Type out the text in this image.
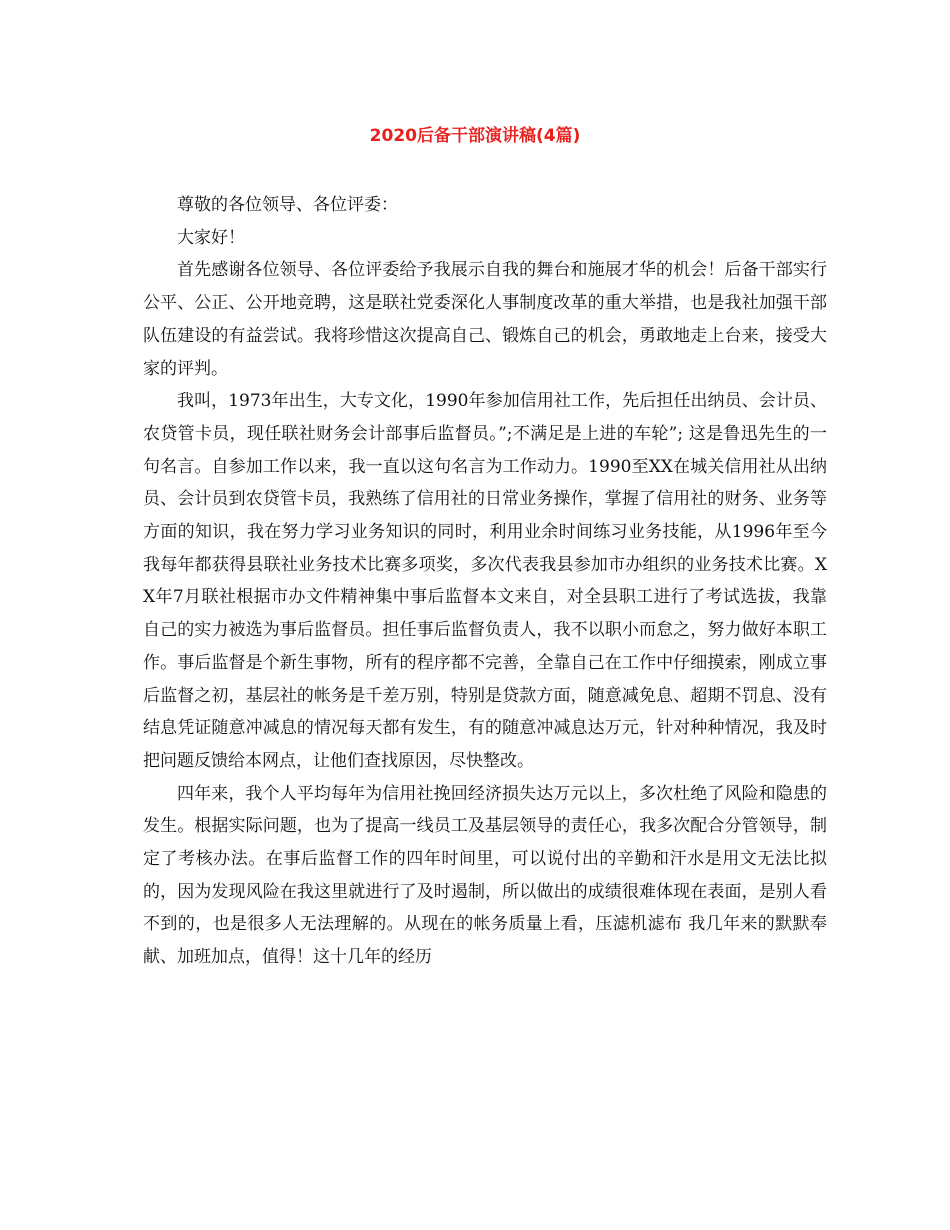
2020后备干部演讲稿(4篇)

尊敬的各位领导、各位评委：

大家好！

首先感谢各位领导、各位评委给予我展示自我的舞台和施展才华的机会！后备干部实行公平、公正、公开地竞聘，这是联社党委深化人事制度改革的重大举措，也是我社加强干部队伍建设的有益尝试。我将珍惜这次提高自己、锻炼自己的机会，勇敢地走上台来，接受大家的评判。

我叫，1973年出生，大专文化，1990年参加信用社工作，先后担任出纳员、会计员、农贷管卡员，现任联社财务会计部事后监督员。”;不满足是上进的车轮”; 这是鲁迅先生的一句名言。自参加工作以来，我一直以这句名言为工作动力。1990至XX在城关信用社从出纳员、会计员到农贷管卡员，我熟练了信用社的日常业务操作，掌握了信用社的财务、业务等方面的知识，我在努力学习业务知识的同时，利用业余时间练习业务技能，从1996年至今我每年都获得县联社业务技术比赛多项奖，多次代表我县参加市办组织的业务技术比赛。XX年7月联社根据市办文件精神集中事后监督本文来自，对全县职工进行了考试选拔，我靠自己的实力被选为事后监督员。担任事后监督负责人，我不以职小而怠之，努力做好本职工作。事后监督是个新生事物，所有的程序都不完善，全靠自己在工作中仔细摸索，刚成立事后监督之初，基层社的帐务是千差万别，特别是贷款方面，随意减免息、超期不罚息、没有结息凭证随意冲减息的情况每天都有发生，有的随意冲减息达万元，针对种种情况，我及时把问题反馈给本网点，让他们查找原因，尽快整改。

四年来，我个人平均每年为信用社挽回经济损失达万元以上，多次杜绝了风险和隐患的发生。根据实际问题，也为了提高一线员工及基层领导的责任心，我多次配合分管领导，制定了考核办法。在事后监督工作的四年时间里，可以说付出的辛勤和汗水是用文无法比拟的，因为发现风险在我这里就进行了及时遏制，所以做出的成绩很难体现在表面，是别人看不到的，也是很多人无法理解的。从现在的帐务质量上看，压滤机滤布 我几年来的默默奉献、加班加点，值得！这十几年的经历
